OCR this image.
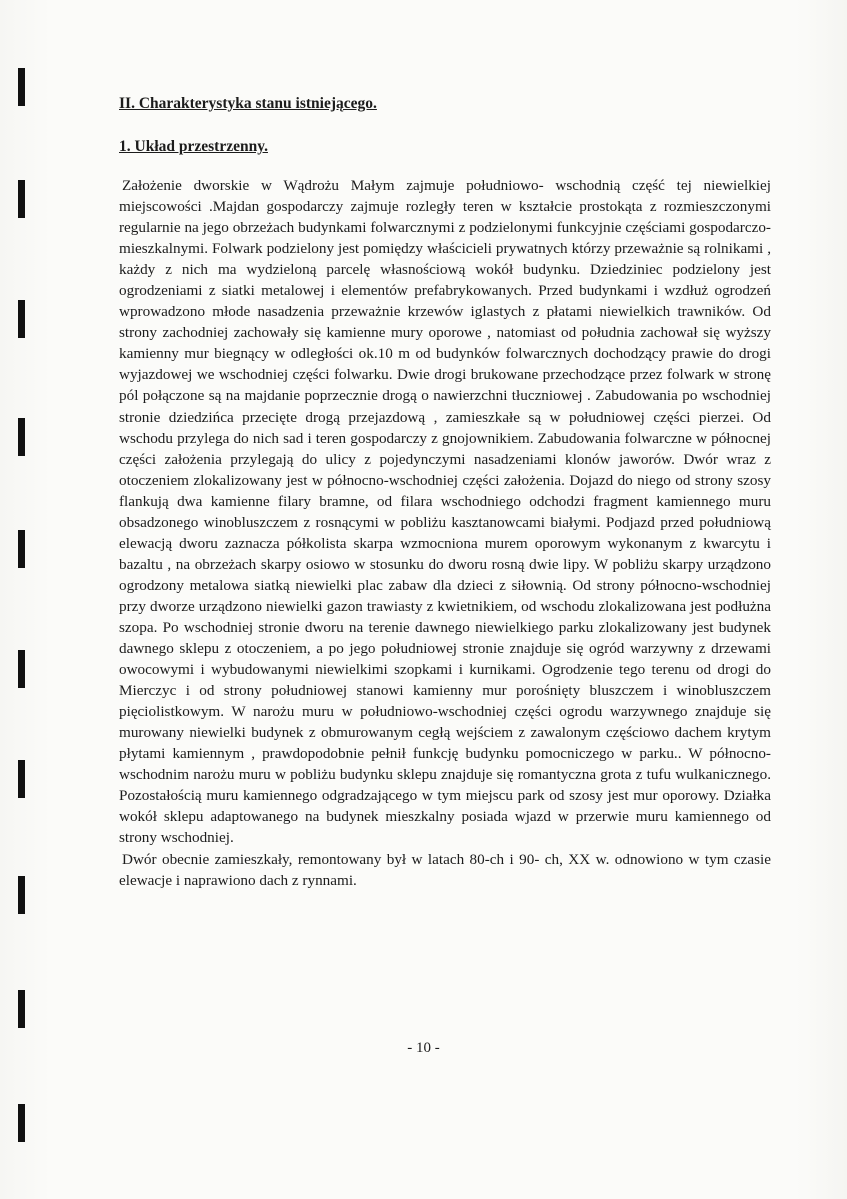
II. Charakterystyka stanu istniejącego.
1. Układ przestrzenny.

Założenie dworskie w Wądrożu Małym zajmuje południowo- wschodnią część tej niewielkiej miejscowości .Majdan gospodarczy zajmuje rozległy teren w kształcie prostokąta z rozmieszczonymi regularnie na jego obrzeżach budynkami folwarcznymi z podzielonymi funkcyjnie częściami gospodarczo- mieszkalnymi. Folwark podzielony jest pomiędzy właścicieli prywatnych którzy przeważnie są rolnikami , każdy z nich ma wydzieloną parcelę własnościową wokół budynku. Dziedziniec podzielony jest ogrodzeniami z siatki metalowej i elementów prefabrykowanych. Przed budynkami i wzdłuż ogrodzeń wprowadzono młode nasadzenia przeważnie krzewów iglastych z płatami niewielkich trawników. Od strony zachodniej zachowały się kamienne mury oporowe , natomiast od południa zachował się wyższy kamienny mur biegnący w odległości ok.10 m od budynków folwarcznych dochodzący prawie do drogi wyjazdowej we wschodniej części folwarku. Dwie drogi brukowane przechodzące przez folwark w stronę pól połączone są na majdanie poprzecznie drogą o nawierzchni tłuczniowej . Zabudowania po wschodniej stronie dziedzińca przecięte drogą przejazdową , zamieszkałe są w południowej części pierzei. Od wschodu przylega do nich sad i teren gospodarczy z gnojownikiem. Zabudowania folwarczne w północnej części założenia przylegają do ulicy z pojedynczymi nasadzeniami klonów jaworów. Dwór wraz z otoczeniem zlokalizowany jest w północno-wschodniej części założenia. Dojazd do niego od strony szosy flankują dwa kamienne filary bramne, od filara wschodniego odchodzi fragment kamiennego muru obsadzonego winobluszczem z rosnącymi w pobliżu kasztanowcami białymi. Podjazd przed południową elewacją dworu zaznacza półkolista skarpa wzmocniona murem oporowym wykonanym z kwarcytu i bazaltu , na obrzeżach skarpy osiowo w stosunku do dworu rosną dwie lipy. W pobliżu skarpy urządzono ogrodzony metalowa siatką niewielki plac zabaw dla dzieci z siłownią. Od strony północno-wschodniej przy dworze urządzono niewielki gazon trawiasty z kwietnikiem, od wschodu zlokalizowana jest podłużna szopa. Po wschodniej stronie dworu na terenie dawnego niewielkiego parku zlokalizowany jest budynek dawnego sklepu z otoczeniem, a po jego południowej stronie znajduje się ogród warzywny z drzewami owocowymi i wybudowanymi niewielkimi szopkami i kurnikami. Ogrodzenie tego terenu od drogi do Mierczyc i od strony południowej stanowi kamienny mur porośnięty bluszczem i winobluszczem pięciolistkowym. W narożu muru w południowo-wschodniej części ogrodu warzywnego znajduje się murowany niewielki budynek z obmurowanym cegłą wejściem z zawalonym częściowo dachem krytym płytami kamiennym , prawdopodobnie pełnił funkcję budynku pomocniczego w parku.. W północno- wschodnim narożu muru w pobliżu budynku sklepu znajduje się romantyczna grota z tufu wulkanicznego. Pozostałością muru kamiennego odgradzającego w tym miejscu park od szosy jest mur oporowy. Działka wokół sklepu adaptowanego na budynek mieszkalny posiada wjazd w przerwie muru kamiennego od strony wschodniej.

Dwór obecnie zamieszkały, remontowany był w latach 80-ch i 90- ch, XX w. odnowiono w tym czasie elewacje i naprawiono dach z rynnami.

- 10 -
